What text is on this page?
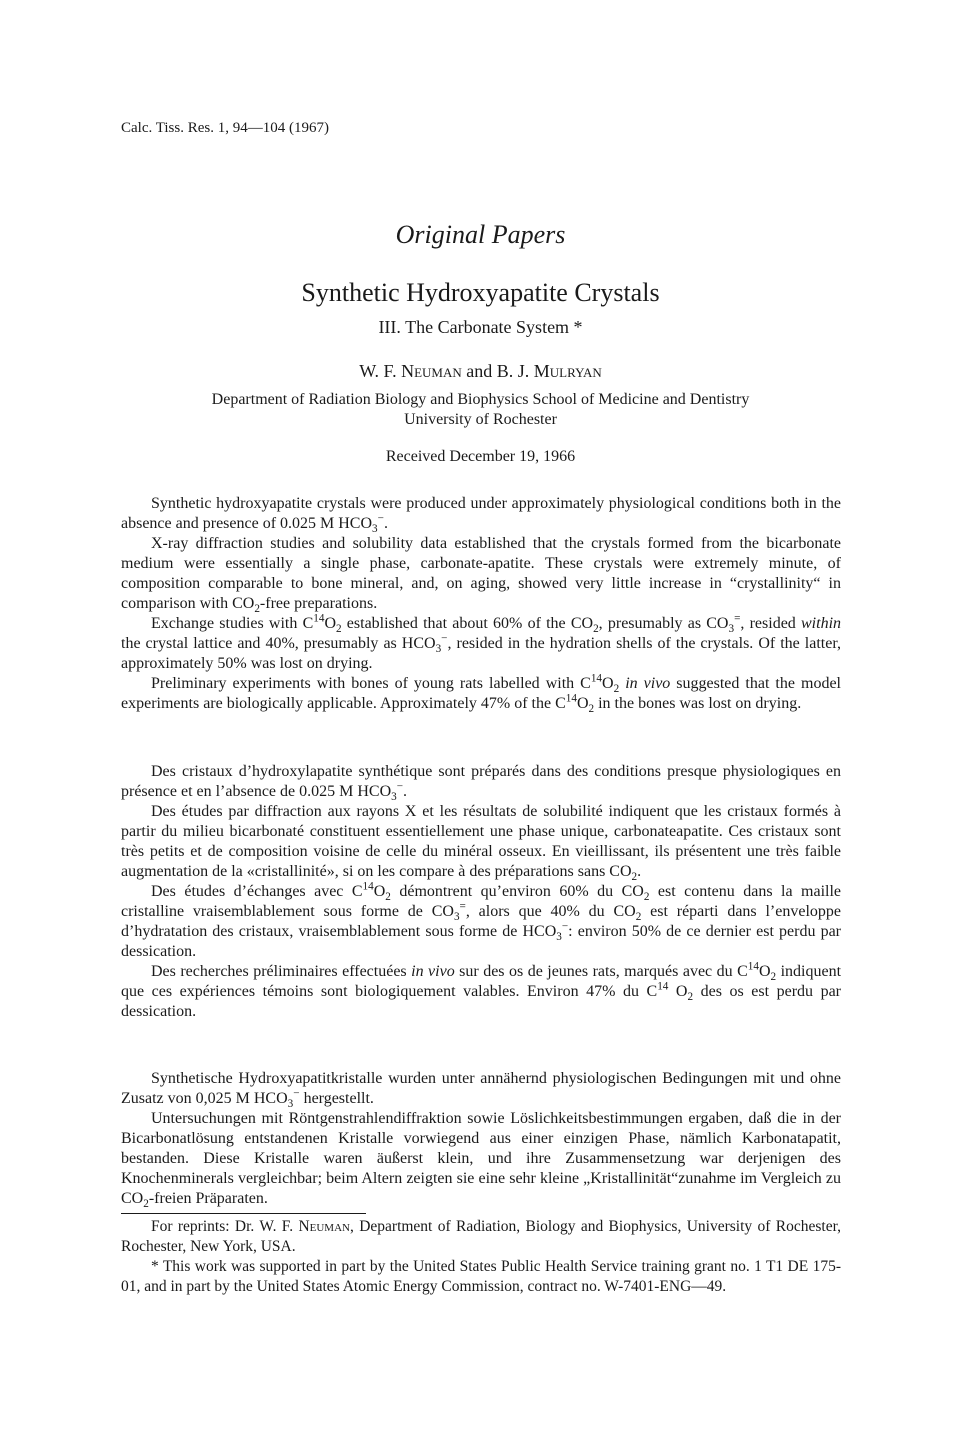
Calc. Tiss. Res. 1, 94—104 (1967)
Original Papers
Synthetic Hydroxyapatite Crystals
III. The Carbonate System *
W. F. Neuman and B. J. Mulryan
Department of Radiation Biology and Biophysics School of Medicine and Dentistry
University of Rochester
Received December 19, 1966

Synthetic hydroxyapatite crystals were produced under approximately physiological conditions both in the absence and presence of 0.025 M $HCO_3^-$.

X-ray diffraction studies and solubility data established that the crystals formed from the bicarbonate medium were essentially a single phase, carbonate-apatite. These crystals were extremely minute, of composition comparable to bone mineral, and, on aging, showed very little increase in “crystallinity“ in comparison with $CO_2$-free preparations.

Exchange studies with $C^{14}O_2$ established that about 60% of the $CO_2$, presumably as $CO_3^=$, resided within the crystal lattice and 40%, presumably as $HCO_3^-$, resided in the hydration shells of the crystals. Of the latter, approximately 50% was lost on drying.

Preliminary experiments with bones of young rats labelled with $C^{14}O_2$ in vivo suggested that the model experiments are biologically applicable. Approximately 47% of the $C^{14}O_2$ in the bones was lost on drying.

Des cristaux d’hydroxylapatite synthétique sont préparés dans des conditions presque physiologiques en présence et en l’absence de 0.025 M $HCO_3^-$.

Des études par diffraction aux rayons X et les résultats de solubilité indiquent que les cristaux formés à partir du milieu bicarbonaté constituent essentiellement une phase unique, carbonateapatite. Ces cristaux sont très petits et de composition voisine de celle du minéral osseux. En vieillissant, ils présentent une très faible augmentation de la «cristallinité», si on les compare à des préparations sans $CO_2$.

Des études d’échanges avec $C^{14}O_2$ démontrent qu’environ 60% du $CO_2$ est contenu dans la maille cristalline vraisemblablement sous forme de $CO_3^=$, alors que 40% du $CO_2$ est réparti dans l’enveloppe d’hydratation des cristaux, vraisemblablement sous forme de $HCO_3^-$: environ 50% de ce dernier est perdu par dessication.

Des recherches préliminaires effectuées in vivo sur des os de jeunes rats, marqués avec du $C^{14}O_2$ indiquent que ces expériences témoins sont biologiquement valables. Environ 47% du $C^{14}$ $O_2$ des os est perdu par dessication.

Synthetische Hydroxyapatitkristalle wurden unter annähernd physiologischen Bedingungen mit und ohne Zusatz von 0,025 M $HCO_3^-$ hergestellt.

Untersuchungen mit Röntgenstrahlendiffraktion sowie Löslichkeitsbestimmungen ergaben, daß die in der Bicarbonatlösung entstandenen Kristalle vorwiegend aus einer einzigen Phase, nämlich Karbonatapatit, bestanden. Diese Kristalle waren äußerst klein, und ihre Zusammensetzung war derjenigen des Knochenminerals vergleichbar; beim Altern zeigten sie eine sehr kleine „Kristallinität“zunahme im Vergleich zu $CO_2$-freien Präparaten.

For reprints: Dr. W. F. Neuman, Department of Radiation, Biology and Biophysics, University of Rochester, Rochester, New York, USA.

* This work was supported in part by the United States Public Health Service training grant no. 1 T1 DE 175-01, and in part by the United States Atomic Energy Commission, contract no. W-7401-ENG—49.
